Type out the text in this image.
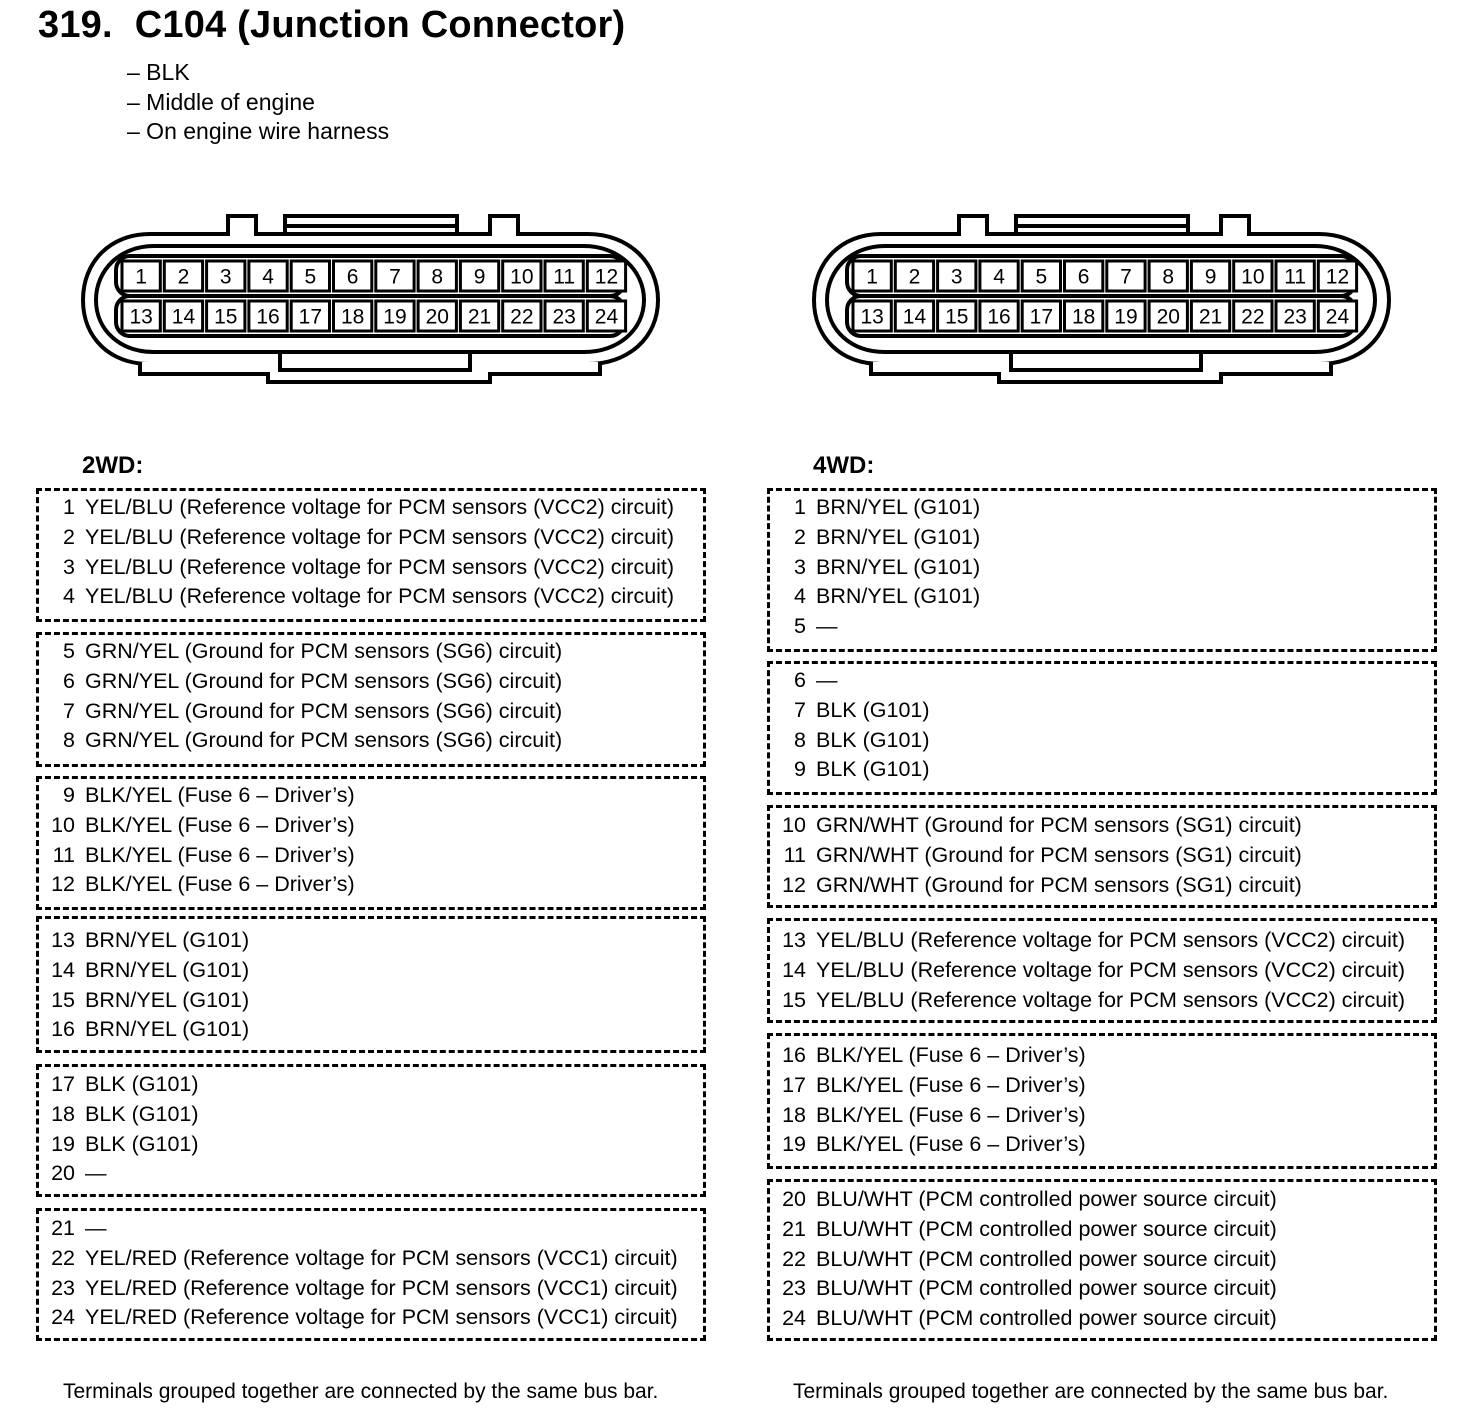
319. C104 (Junction Connector)
– BLK
– Middle of engine
– On engine wire harness
1 2 3 4 5 6 7 8 9 10 11 12
13 14 15 16 17 18 19 20 21 22 23 24
1 2 3 4 5 6 7 8 9 10 11 12
13 14 15 16 17 18 19 20 21 22 23 24
2WD:	4WD:
1 YEL/BLU (Reference voltage for PCM sensors (VCC2) circuit)
2 YEL/BLU (Reference voltage for PCM sensors (VCC2) circuit)
3 YEL/BLU (Reference voltage for PCM sensors (VCC2) circuit)
4 YEL/BLU (Reference voltage for PCM sensors (VCC2) circuit)
5 GRN/YEL (Ground for PCM sensors (SG6) circuit)
6 GRN/YEL (Ground for PCM sensors (SG6) circuit)
7 GRN/YEL (Ground for PCM sensors (SG6) circuit)
8 GRN/YEL (Ground for PCM sensors (SG6) circuit)
9 BLK/YEL (Fuse 6 – Driver’s)
10 BLK/YEL (Fuse 6 – Driver’s)
11 BLK/YEL (Fuse 6 – Driver’s)
12 BLK/YEL (Fuse 6 – Driver’s)
13 BRN/YEL (G101)
14 BRN/YEL (G101)
15 BRN/YEL (G101)
16 BRN/YEL (G101)
17 BLK (G101)
18 BLK (G101)
19 BLK (G101)
20 —
21 —
22 YEL/RED (Reference voltage for PCM sensors (VCC1) circuit)
23 YEL/RED (Reference voltage for PCM sensors (VCC1) circuit)
24 YEL/RED (Reference voltage for PCM sensors (VCC1) circuit)
1 BRN/YEL (G101)
2 BRN/YEL (G101)
3 BRN/YEL (G101)
4 BRN/YEL (G101)
5 —
6 —
7 BLK (G101)
8 BLK (G101)
9 BLK (G101)
10 GRN/WHT (Ground for PCM sensors (SG1) circuit)
11 GRN/WHT (Ground for PCM sensors (SG1) circuit)
12 GRN/WHT (Ground for PCM sensors (SG1) circuit)
13 YEL/BLU (Reference voltage for PCM sensors (VCC2) circuit)
14 YEL/BLU (Reference voltage for PCM sensors (VCC2) circuit)
15 YEL/BLU (Reference voltage for PCM sensors (VCC2) circuit)
16 BLK/YEL (Fuse 6 – Driver’s)
17 BLK/YEL (Fuse 6 – Driver’s)
18 BLK/YEL (Fuse 6 – Driver’s)
19 BLK/YEL (Fuse 6 – Driver’s)
20 BLU/WHT (PCM controlled power source circuit)
21 BLU/WHT (PCM controlled power source circuit)
22 BLU/WHT (PCM controlled power source circuit)
23 BLU/WHT (PCM controlled power source circuit)
24 BLU/WHT (PCM controlled power source circuit)
Terminals grouped together are connected by the same bus bar.	Terminals grouped together are connected by the same bus bar.
